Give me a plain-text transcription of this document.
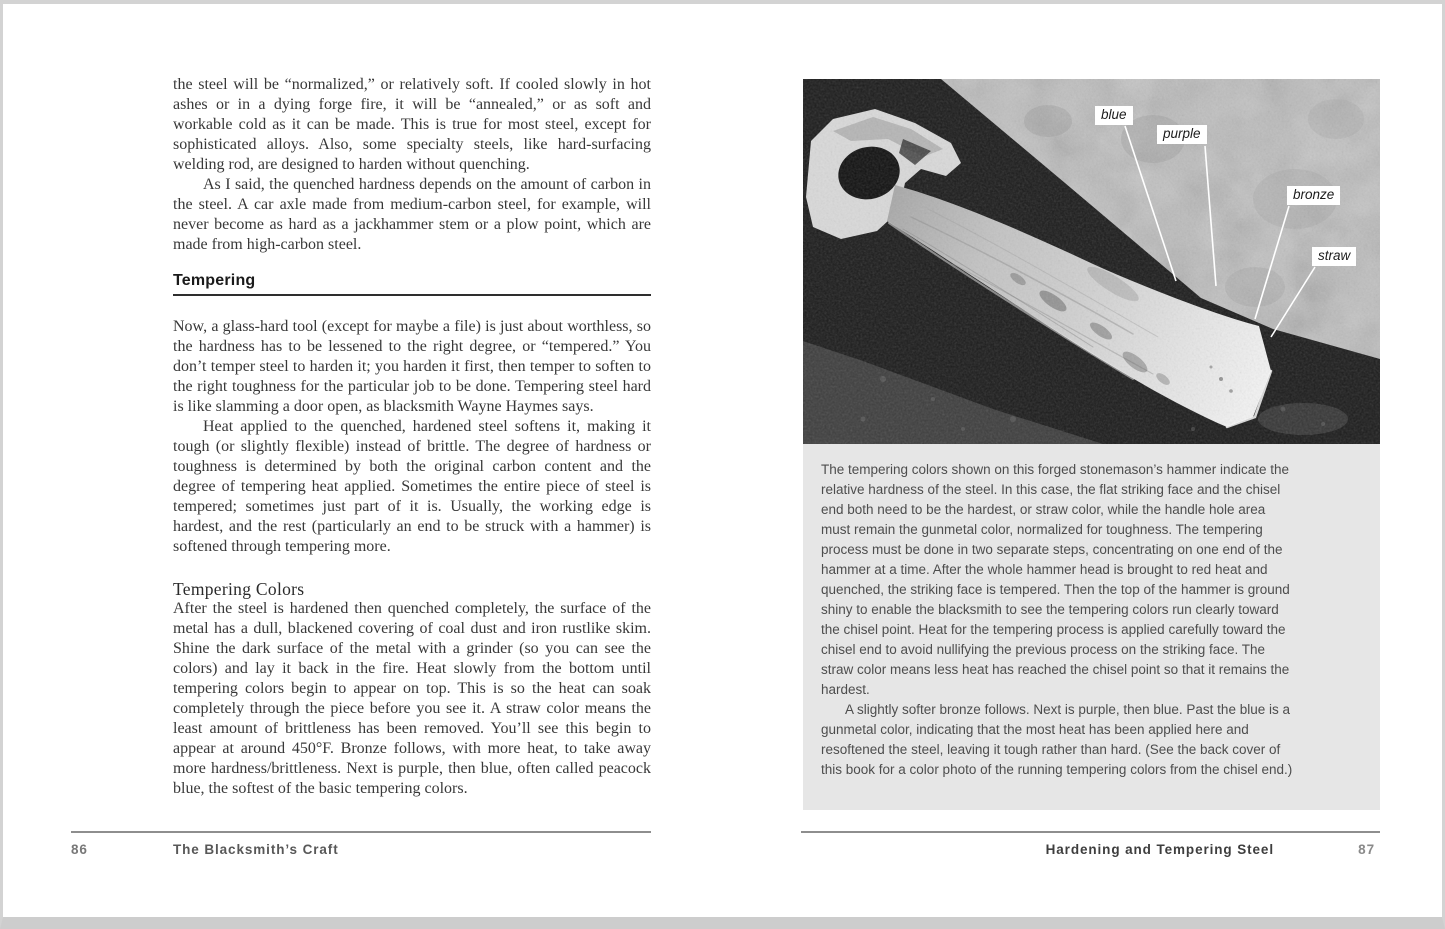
the steel will be “normalized,” or relatively soft. If cooled slowly in hot ashes or in a dying forge fire, it will be “annealed,” or as soft and workable cold as it can be made. This is true for most steel, except for sophisticated alloys. Also, some specialty steels, like hard-surfacing welding rod, are designed to harden without quenching.

As I said, the quenched hardness depends on the amount of carbon in the steel. A car axle made from medium-carbon steel, for example, will never become as hard as a jackhammer stem or a plow point, which are made from high-carbon steel.

Tempering

Now, a glass-hard tool (except for maybe a file) is just about worthless, so the hardness has to be lessened to the right degree, or “tempered.” You don’t temper steel to harden it; you harden it first, then temper to soften to the right toughness for the particular job to be done. Tempering steel hard is like slamming a door open, as blacksmith Wayne Haymes says.

Heat applied to the quenched, hardened steel softens it, making it tough (or slightly flexible) instead of brittle. The degree of hardness or toughness is determined by both the original carbon content and the degree of tempering heat applied. Sometimes the entire piece of steel is tempered; sometimes just part of it is. Usually, the working edge is hardest, and the rest (particularly an end to be struck with a hammer) is softened through tempering more.

Tempering Colors

After the steel is hardened then quenched completely, the surface of the metal has a dull, blackened covering of coal dust and iron rustlike skim. Shine the dark surface of the metal with a grinder (so you can see the colors) and lay it back in the fire. Heat slowly from the bottom until tempering colors begin to appear on top. This is so the heat can soak completely through the piece before you see it. A straw color means the least amount of brittleness has been removed. You’ll see this begin to appear at around 450°F. Bronze follows, with more heat, to take away more hardness/brittleness. Next is purple, then blue, often called peacock blue, the softest of the basic tempering colors.

blue
purple
bronze
straw

The tempering colors shown on this forged stonemason’s hammer indicate the relative hardness of the steel. In this case, the flat striking face and the chisel end both need to be the hardest, or straw color, while the handle hole area must remain the gunmetal color, normalized for toughness. The tempering process must be done in two separate steps, concentrating on one end of the hammer at a time. After the whole hammer head is brought to red heat and quenched, the striking face is tempered. Then the top of the hammer is ground shiny to enable the blacksmith to see the tempering colors run clearly toward the chisel point. Heat for the tempering process is applied carefully toward the chisel end to avoid nullifying the previous process on the striking face. The straw color means less heat has reached the chisel point so that it remains the hardest.

A slightly softer bronze follows. Next is purple, then blue. Past the blue is a gunmetal color, indicating that the most heat has been applied here and resoftened the steel, leaving it tough rather than hard. (See the back cover of this book for a color photo of the running tempering colors from the chisel end.)

86	The Blacksmith’s Craft	Hardening and Tempering Steel	87
